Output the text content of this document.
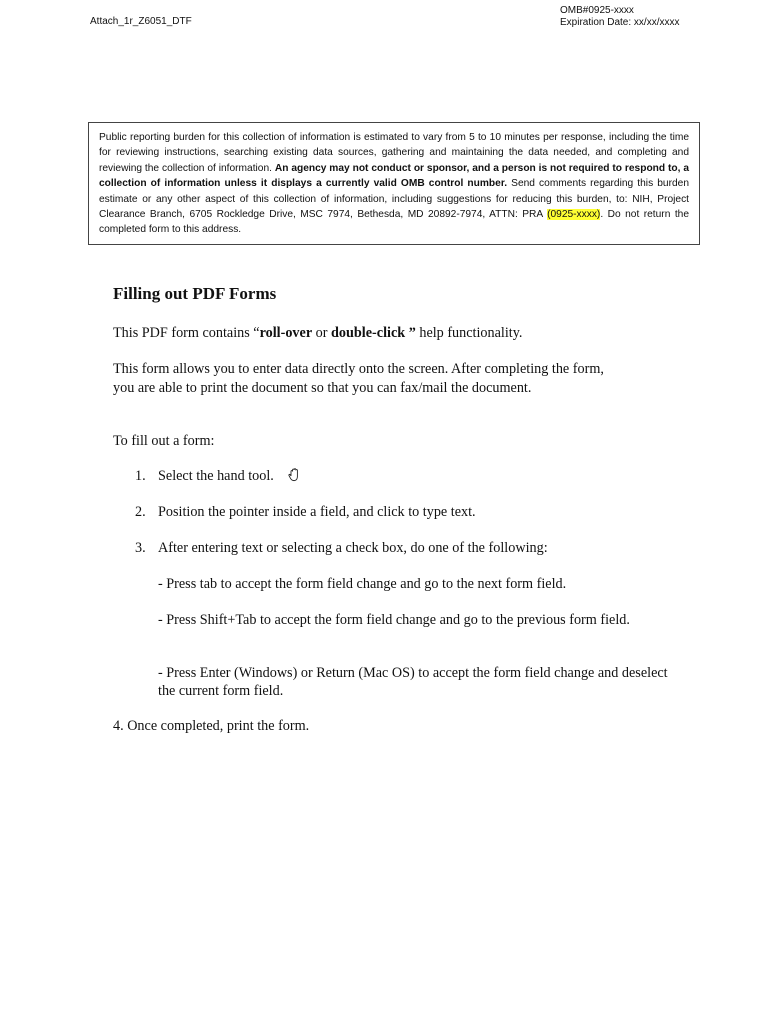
Attach_1r_Z6051_DTF
OMB#0925-xxxx
Expiration Date: xx/xx/xxxx
Public reporting burden for this collection of information is estimated to vary from 5 to 10 minutes per response, including the time for reviewing instructions, searching existing data sources, gathering and maintaining the data needed, and completing and reviewing the collection of information. An agency may not conduct or sponsor, and a person is not required to respond to, a collection of information unless it displays a currently valid OMB control number. Send comments regarding this burden estimate or any other aspect of this collection of information, including suggestions for reducing this burden, to: NIH, Project Clearance Branch, 6705 Rockledge Drive, MSC 7974, Bethesda, MD 20892-7974, ATTN: PRA (0925-xxxx). Do not return the completed form to this address.
Filling out PDF Forms
This PDF form contains “roll-over or double-click ” help functionality.
This form allows you to enter data directly onto the screen. After completing the form,
you are able to print the document so that you can fax/mail the document.
To fill out a form:
1. Select the hand tool.
2. Position the pointer inside a field, and click to type text.
3. After entering text or selecting a check box, do one of the following:
- Press tab to accept the form field change and go to the next form field.
- Press Shift+Tab to accept the form field change and go to the previous form field.
- Press Enter (Windows) or Return (Mac OS) to accept the form field change and deselect the current form field.
4. Once completed, print the form.
